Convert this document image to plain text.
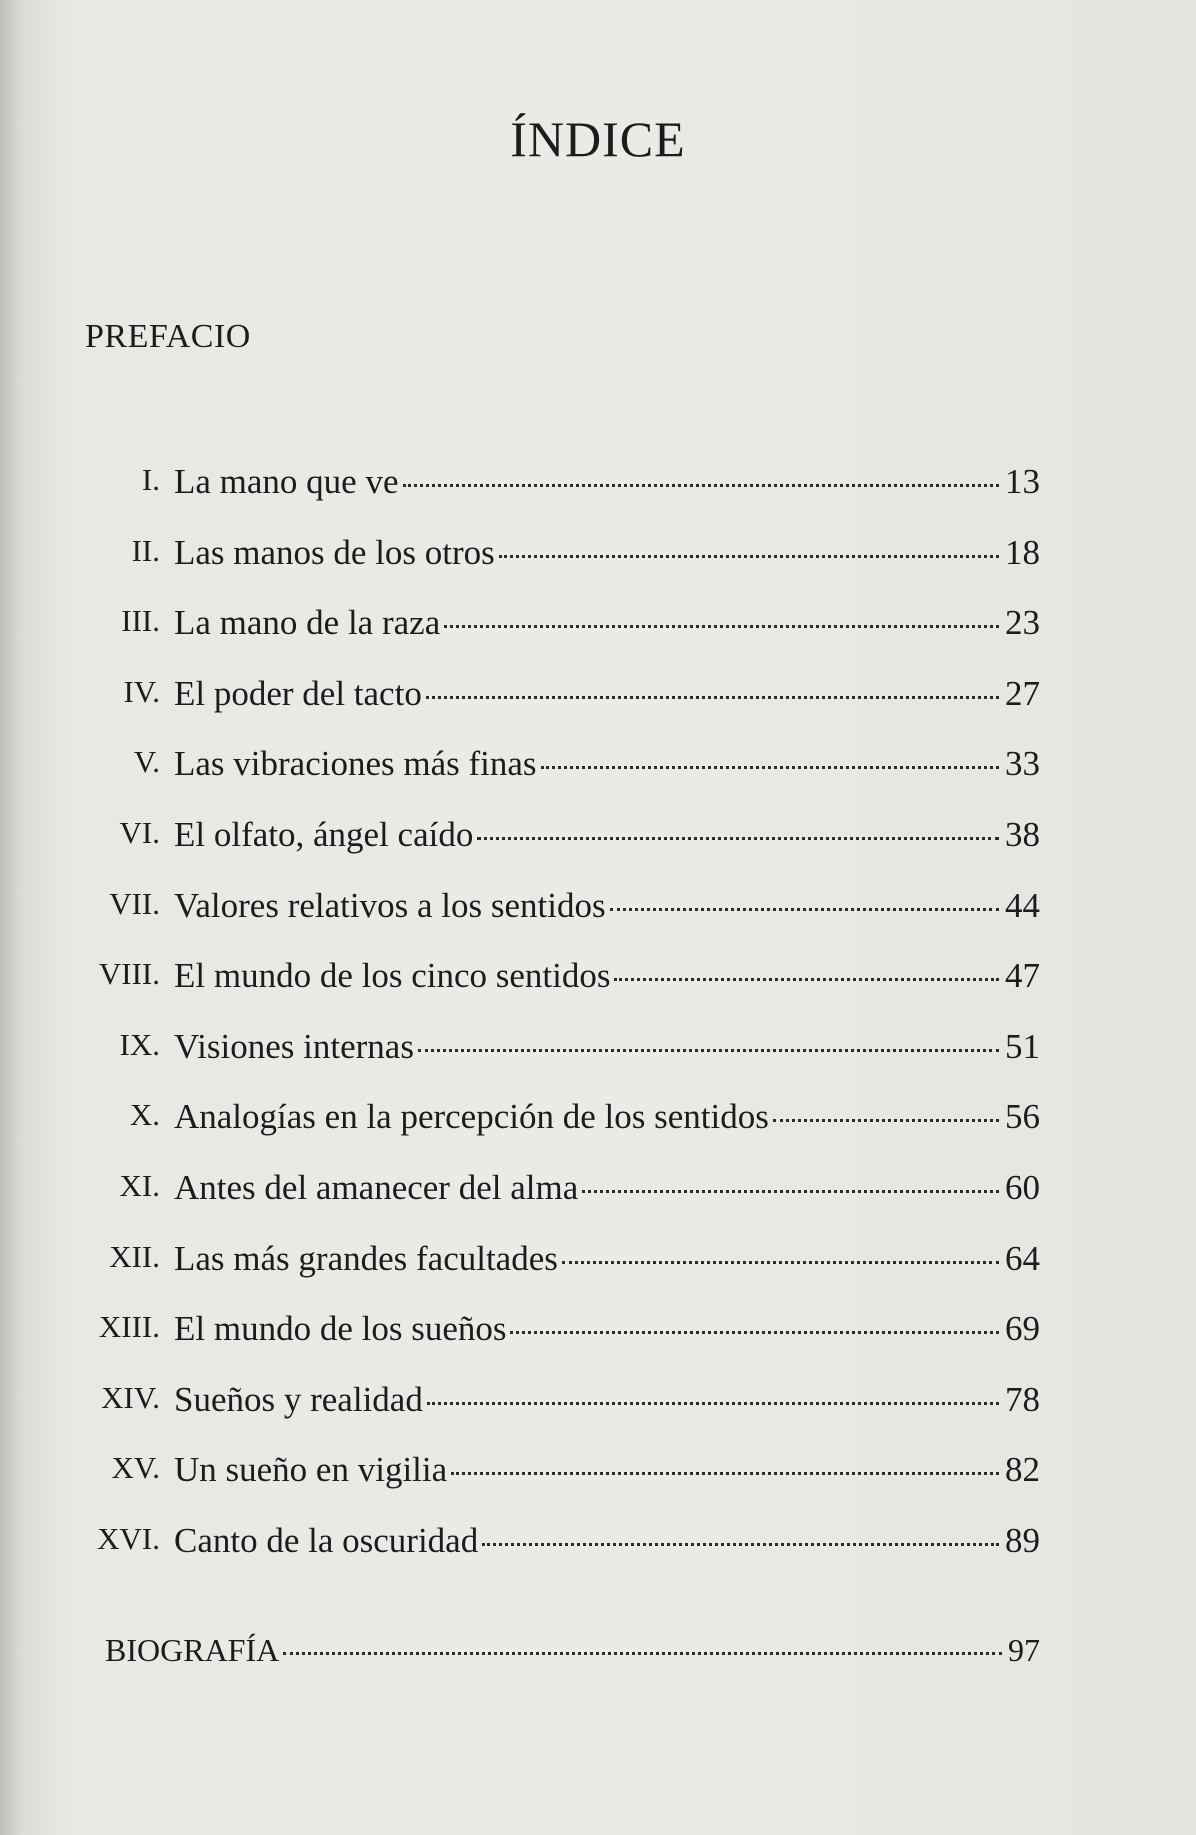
ÍNDICE
PREFACIO
I. La mano que ve	13
II. Las manos de los otros	18
III. La mano de la raza	23
IV. El poder del tacto	27
V. Las vibraciones más finas	33
VI. El olfato, ángel caído	38
VII. Valores relativos a los sentidos	44
VIII. El mundo de los cinco sentidos	47
IX. Visiones internas	51
X. Analogías en la percepción de los sentidos	56
XI. Antes del amanecer del alma	60
XII. Las más grandes facultades	64
XIII. El mundo de los sueños	69
XIV. Sueños y realidad	78
XV. Un sueño en vigilia	82
XVI. Canto de la oscuridad	89
BIOGRAFÍA	97
